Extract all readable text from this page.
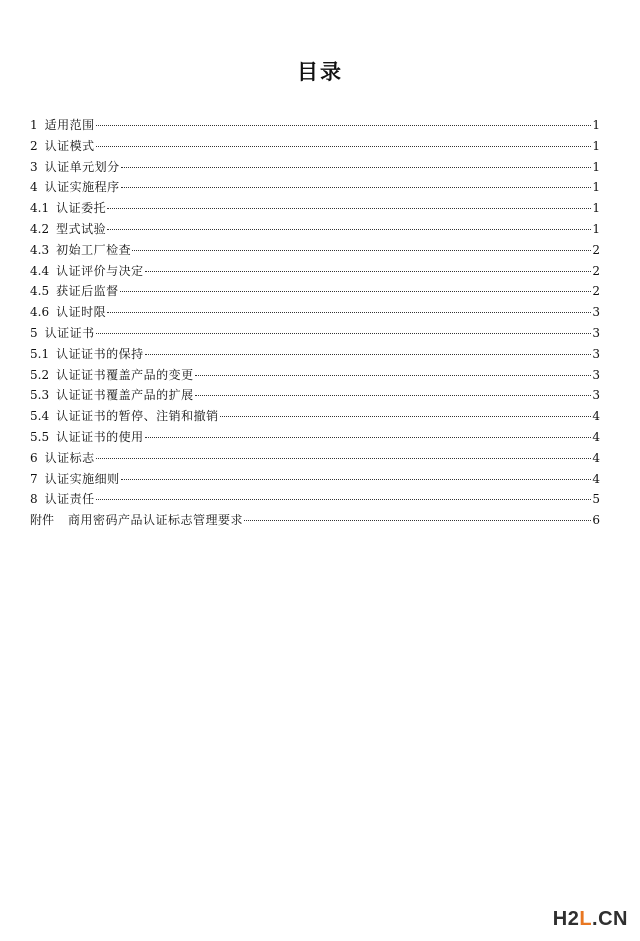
目录
1 适用范围	1
2 认证模式	1
3 认证单元划分	1
4 认证实施程序	1
4.1 认证委托	1
4.2 型式试验	1
4.3 初始工厂检查	2
4.4 认证评价与决定	2
4.5 获证后监督	2
4.6 认证时限	3
5 认证证书	3
5.1 认证证书的保持	3
5.2 认证证书覆盖产品的变更	3
5.3 认证证书覆盖产品的扩展	3
5.4 认证证书的暂停、注销和撤销	4
5.5 认证证书的使用	4
6 认证标志	4
7 认证实施细则	4
8 认证责任	5
附件 商用密码产品认证标志管理要求	6
H2L.CN
